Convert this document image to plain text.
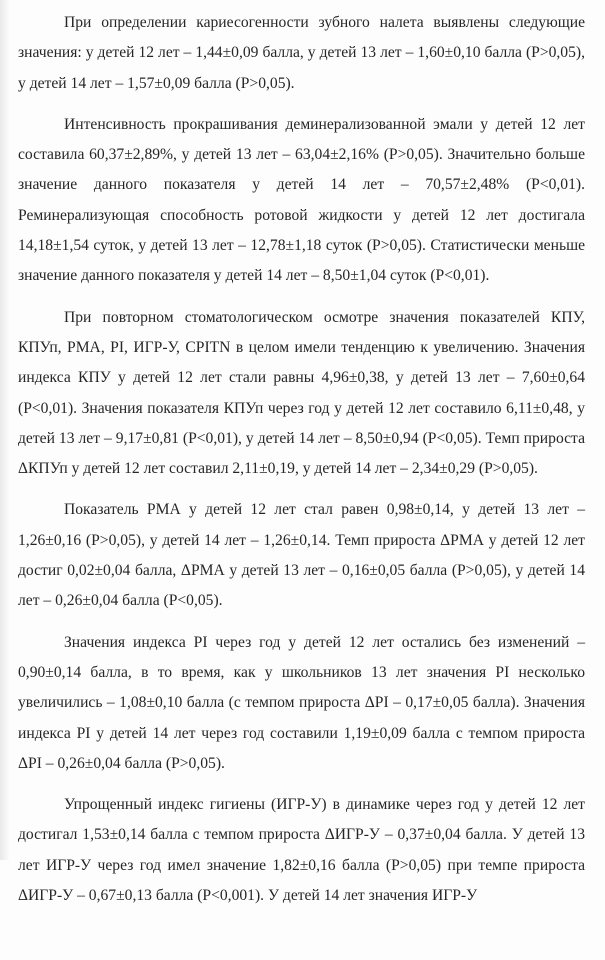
При определении кариесогенности зубного налета выявлены следующие значения: у детей 12 лет – 1,44±0,09 балла, у детей 13 лет – 1,60±0,10 балла (P>0,05), у детей 14 лет – 1,57±0,09 балла (P>0,05).

Интенсивность прокрашивания деминерализованной эмали у детей 12 лет составила 60,37±2,89%, у детей 13 лет – 63,04±2,16% (P>0,05). Значительно больше значение данного показателя у детей 14 лет – 70,57±2,48% (P<0,01). Реминерализующая способность ротовой жидкости у детей 12 лет достигала 14,18±1,54 суток, у детей 13 лет – 12,78±1,18 суток (P>0,05). Статистически меньше значение данного показателя у детей 14 лет – 8,50±1,04 суток (P<0,01).

При повторном стоматологическом осмотре значения показателей КПУ, КПУп, РМА, PI, ИГР-У, CPITN в целом имели тенденцию к увеличению. Значения индекса КПУ у детей 12 лет стали равны 4,96±0,38, у детей 13 лет – 7,60±0,64 (P<0,01). Значения показателя КПУп через год у детей 12 лет составило 6,11±0,48, у детей 13 лет – 9,17±0,81 (P<0,01), у детей 14 лет – 8,50±0,94 (P<0,05). Темп прироста ΔКПУп у детей 12 лет составил 2,11±0,19, у детей 14 лет – 2,34±0,29 (P>0,05).

Показатель РМА у детей 12 лет стал равен 0,98±0,14, у детей 13 лет – 1,26±0,16 (P>0,05), у детей 14 лет – 1,26±0,14. Темп прироста ΔРМА у детей 12 лет достиг 0,02±0,04 балла, ΔРМА у детей 13 лет – 0,16±0,05 балла (P>0,05), у детей 14 лет – 0,26±0,04 балла (P<0,05).

Значения индекса PI через год у детей 12 лет остались без изменений – 0,90±0,14 балла, в то время, как у школьников 13 лет значения PI несколько увеличились – 1,08±0,10 балла (с темпом прироста ΔPI – 0,17±0,05 балла). Значения индекса PI у детей 14 лет через год составили 1,19±0,09 балла с темпом прироста ΔPI – 0,26±0,04 балла (P>0,05).

Упрощенный индекс гигиены (ИГР-У) в динамике через год у детей 12 лет достигал 1,53±0,14 балла с темпом прироста ΔИГР-У – 0,37±0,04 балла. У детей 13 лет ИГР-У через год имел значение 1,82±0,16 балла (P>0,05) при темпе прироста ΔИГР-У – 0,67±0,13 балла (P<0,001). У детей 14 лет значения ИГР-У
